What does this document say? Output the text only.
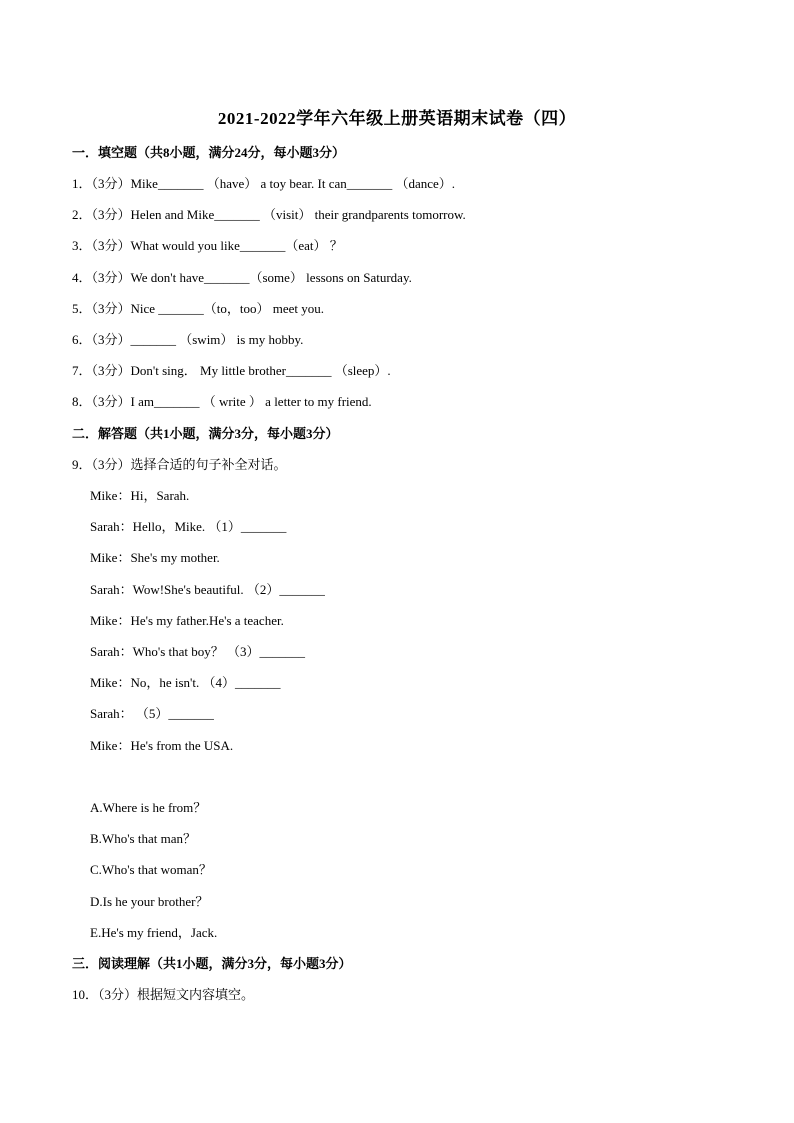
2021-2022学年六年级上册英语期末试卷（四）
一．填空题（共8小题，满分24分，每小题3分）
1．（3分）Mike_______ （have） a toy bear. It can_______ （dance）.
2．（3分）Helen and Mike_______ （visit） their grandparents tomorrow.
3．（3分）What would you like_______（eat） ？
4．（3分）We don't have_______（some） lessons on Saturday.
5．（3分）Nice _______（to，too） meet you.
6．（3分）_______ （swim） is my hobby.
7．（3分）Don't sing． My little brother_______ （sleep）.
8．（3分）I am_______ （ write ） a letter to my friend.
二．解答题（共1小题，满分3分，每小题3分）
9．（3分）选择合适的句子补全对话。
Mike：Hi，Sarah.
Sarah：Hello，Mike. （1）_______
Mike：She's my mother.
Sarah：Wow!She's beautiful. （2）_______
Mike：He's my father.He's a teacher.
Sarah：Who's that boy？ （3）_______
Mike：No，he isn't. （4）_______
Sarah： （5）_______
Mike：He's from the USA.
A.Where is he from？
B.Who's that man？
C.Who's that woman？
D.Is he your brother？
E.He's my friend，Jack.
三．阅读理解（共1小题，满分3分，每小题3分）
10．（3分）根据短文内容填空。
